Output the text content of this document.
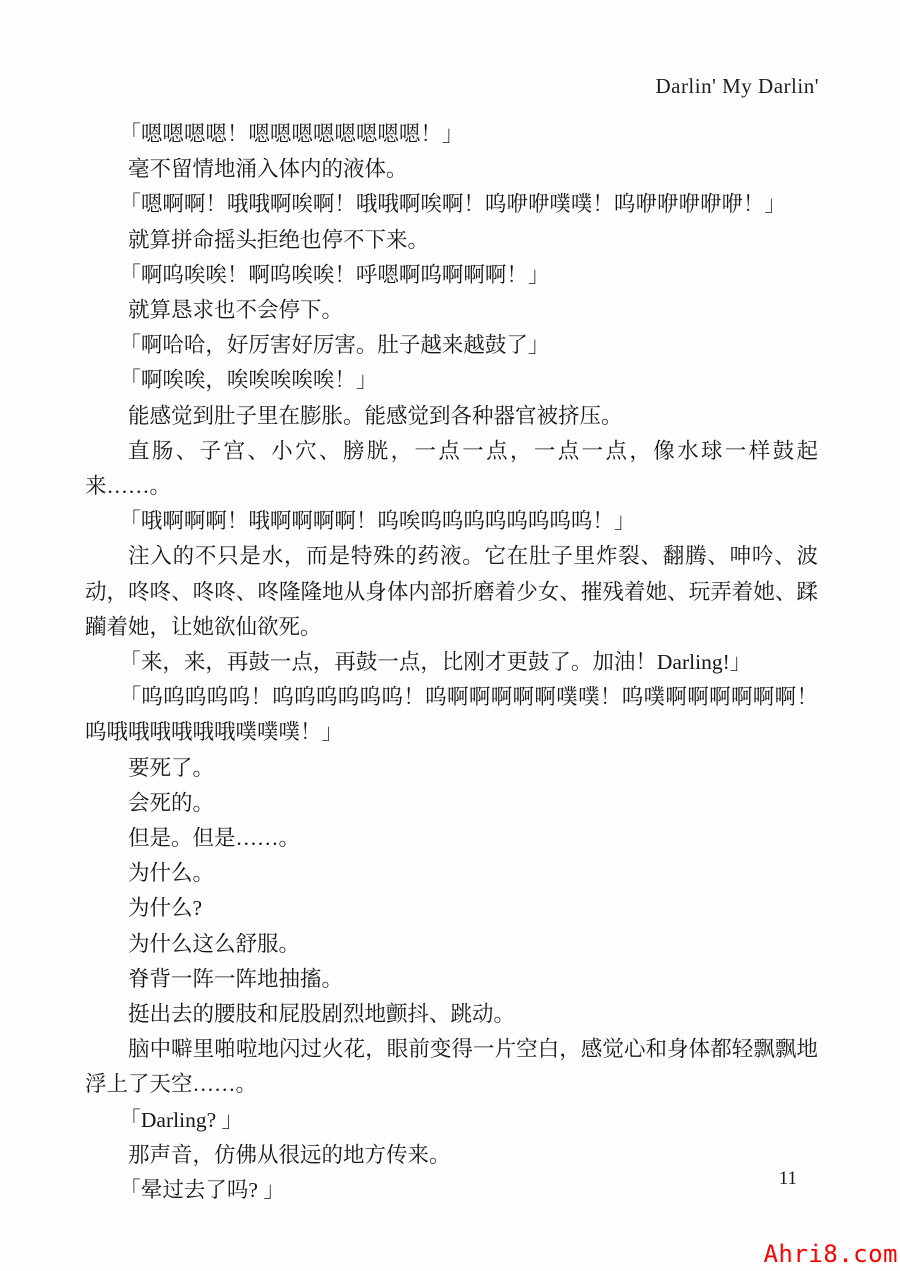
Darlin' My Darlin'

「嗯嗯嗯嗯！嗯嗯嗯嗯嗯嗯嗯嗯！」

毫不留情地涌入体内的液体。

「嗯啊啊！哦哦啊唉啊！哦哦啊唉啊！呜咿咿噗噗！呜咿咿咿咿咿！」

就算拼命摇头拒绝也停不下来。

「啊呜唉唉！啊呜唉唉！呼嗯啊呜啊啊啊！」

就算恳求也不会停下。

「啊哈哈，好厉害好厉害。肚子越来越鼓了」

「啊唉唉，唉唉唉唉唉！」

能感觉到肚子里在膨胀。能感觉到各种器官被挤压。

直肠、子宫、小穴、膀胱，一点一点，一点一点，像水球一样鼓起来……。

「哦啊啊啊！哦啊啊啊啊！呜唉呜呜呜呜呜呜呜呜！」

注入的不只是水，而是特殊的药液。它在肚子里炸裂、翻腾、呻吟、波动，咚咚、咚咚、咚隆隆地从身体内部折磨着少女、摧残着她、玩弄着她、蹂躏着她，让她欲仙欲死。

「来，来，再鼓一点，再鼓一点，比刚才更鼓了。加油！Darling!」

「呜呜呜呜呜！呜呜呜呜呜呜！呜啊啊啊啊啊噗噗！呜噗啊啊啊啊啊啊！呜哦哦哦哦哦哦噗噗噗！」

要死了。

会死的。

但是。但是……。

为什么。

为什么?

为什么这么舒服。

脊背一阵一阵地抽搐。

挺出去的腰肢和屁股剧烈地颤抖、跳动。

脑中噼里啪啦地闪过火花，眼前变得一片空白，感觉心和身体都轻飘飘地浮上了天空……。

「Darling? 」

那声音，仿佛从很远的地方传来。

「晕过去了吗? 」	11
Ahri8.com
